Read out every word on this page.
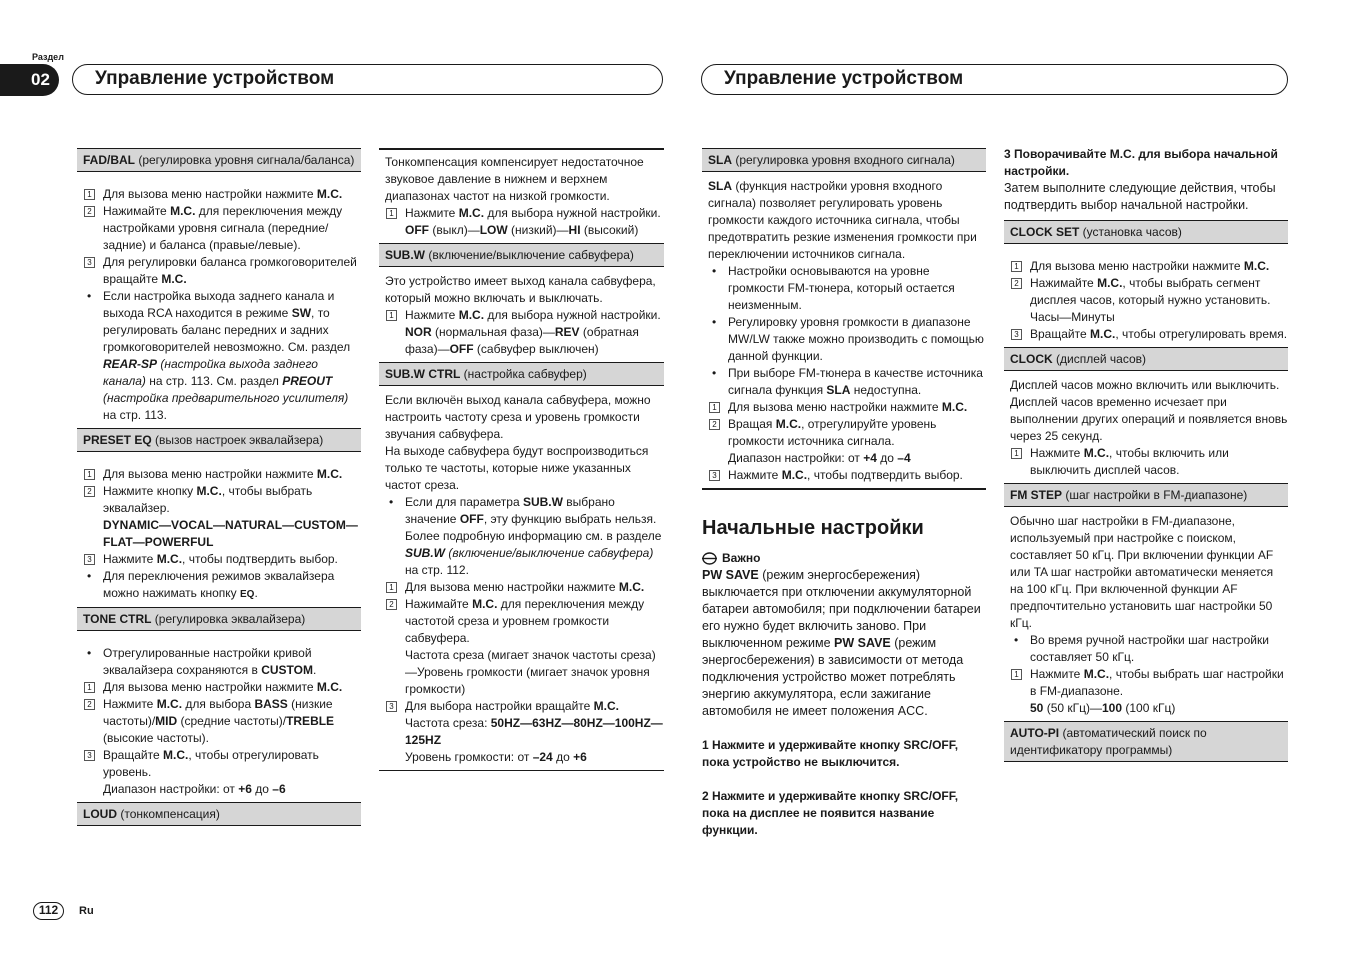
Раздел
02	Управление устройством	Управление устройством
FAD/BAL (регулировка уровня сигнала/баланса)
1 Для вызова меню настройки нажмите M.C.
2 Нажимайте M.C. для переключения между настройками уровня сигнала (передние/задние) и баланса (правые/левые).
3 Для регулировки баланса громкоговорителей вращайте M.C.
• Если настройка выхода заднего канала и выхода RCA находится в режиме SW, то регулировать баланс передних и задних громкоговорителей невозможно. См. раздел REAR-SP (настройка выхода заднего канала) на стр. 113. См. раздел PREOUT (настройка предварительного усилителя) на стр. 113.
PRESET EQ (вызов настроек эквалайзера)
1 Для вызова меню настройки нажмите M.C.
2 Нажмите кнопку M.C., чтобы выбрать эквалайзер.
DYNAMIC—VOCAL—NATURAL—CUSTOM—FLAT—POWERFUL
3 Нажмите M.C., чтобы подтвердить выбор.
• Для переключения режимов эквалайзера можно нажимать кнопку EQ.
TONE CTRL (регулировка эквалайзера)
• Отрегулированные настройки кривой эквалайзера сохраняются в CUSTOM.
1 Для вызова меню настройки нажмите M.C.
2 Нажмите M.C. для выбора BASS (низкие частоты)/MID (средние частоты)/TREBLE (высокие частоты).
3 Вращайте M.C., чтобы отрегулировать уровень.
Диапазон настройки: от +6 до –6
LOUD (тонкомпенсация)
Тонкомпенсация компенсирует недостаточное звуковое давление в нижнем и верхнем диапазонах частот на низкой громкости.
1 Нажмите M.C. для выбора нужной настройки.
OFF (выкл)—LOW (низкий)—HI (высокий)
SUB.W (включение/выключение сабвуфера)
Это устройство имеет выход канала сабвуфера, который можно включать и выключать.
1 Нажмите M.C. для выбора нужной настройки.
NOR (нормальная фаза)—REV (обратная фаза)—OFF (сабвуфер выключен)
SUB.W CTRL (настройка сабвуфер)
Если включён выход канала сабвуфера, можно настроить частоту среза и уровень громкости звучания сабвуфера.
На выходе сабвуфера будут воспроизводиться только те частоты, которые ниже указанных частот среза.
• Если для параметра SUB.W выбрано значение OFF, эту функцию выбрать нельзя. Более подробную информацию см. в разделе SUB.W (включение/выключение сабвуфера) на стр. 112.
1 Для вызова меню настройки нажмите M.C.
2 Нажимайте M.C. для переключения между частотой среза и уровнем громкости сабвуфера.
Частота среза (мигает значок частоты среза)—Уровень громкости (мигает значок уровня громкости)
3 Для выбора настройки вращайте M.C.
Частота среза: 50HZ—63HZ—80HZ—100HZ—125HZ
Уровень громкости: от –24 до +6
SLA (регулировка уровня входного сигнала)
SLA (функция настройки уровня входного сигнала) позволяет регулировать уровень громкости каждого источника сигнала, чтобы предотвратить резкие изменения громкости при переключении источников сигнала.
• Настройки основываются на уровне громкости FM-тюнера, который остается неизменным.
• Регулировку уровня громкости в диапазоне MW/LW также можно производить с помощью данной функции.
• При выборе FM-тюнера в качестве источника сигнала функция SLA недоступна.
1 Для вызова меню настройки нажмите M.C.
2 Вращая M.C., отрегулируйте уровень громкости источника сигнала.
Диапазон настройки: от +4 до –4
3 Нажмите M.C., чтобы подтвердить выбор.
Начальные настройки
Важно
PW SAVE (режим энергосбережения) выключается при отключении аккумуляторной батареи автомобиля; при подключении батареи его нужно будет включить заново. При выключенном режиме PW SAVE (режим энергосбережения) в зависимости от метода подключения устройство может потреблять энергию аккумулятора, если зажигание автомобиля не имеет положения ACC.
1 Нажмите и удерживайте кнопку SRC/OFF, пока устройство не выключится.
2 Нажмите и удерживайте кнопку SRC/OFF, пока на дисплее не появится название функции.
3 Поворачивайте M.C. для выбора начальной настройки.
Затем выполните следующие действия, чтобы подтвердить выбор начальной настройки.
CLOCK SET (установка часов)
1 Для вызова меню настройки нажмите M.C.
2 Нажимайте M.C., чтобы выбрать сегмент дисплея часов, который нужно установить.
Часы—Минуты
3 Вращайте M.C., чтобы отрегулировать время.
CLOCK (дисплей часов)
Дисплей часов можно включить или выключить.
Дисплей часов временно исчезает при выполнении других операций и появляется вновь через 25 секунд.
1 Нажмите M.C., чтобы включить или выключить дисплей часов.
FM STEP (шаг настройки в FM-диапазоне)
Обычно шаг настройки в FM-диапазоне, используемый при настройке с поиском, составляет 50 кГц. При включении функции AF или TA шаг настройки автоматически меняется на 100 кГц. При включенной функции AF предпочтительно установить шаг настройки 50 кГц.
• Во время ручной настройки шаг настройки составляет 50 кГц.
1 Нажмите M.C., чтобы выбрать шаг настройки в FM-диапазоне.
50 (50 кГц)—100 (100 кГц)
AUTO-PI (автоматический поиск по идентификатору программы)
112	Ru
